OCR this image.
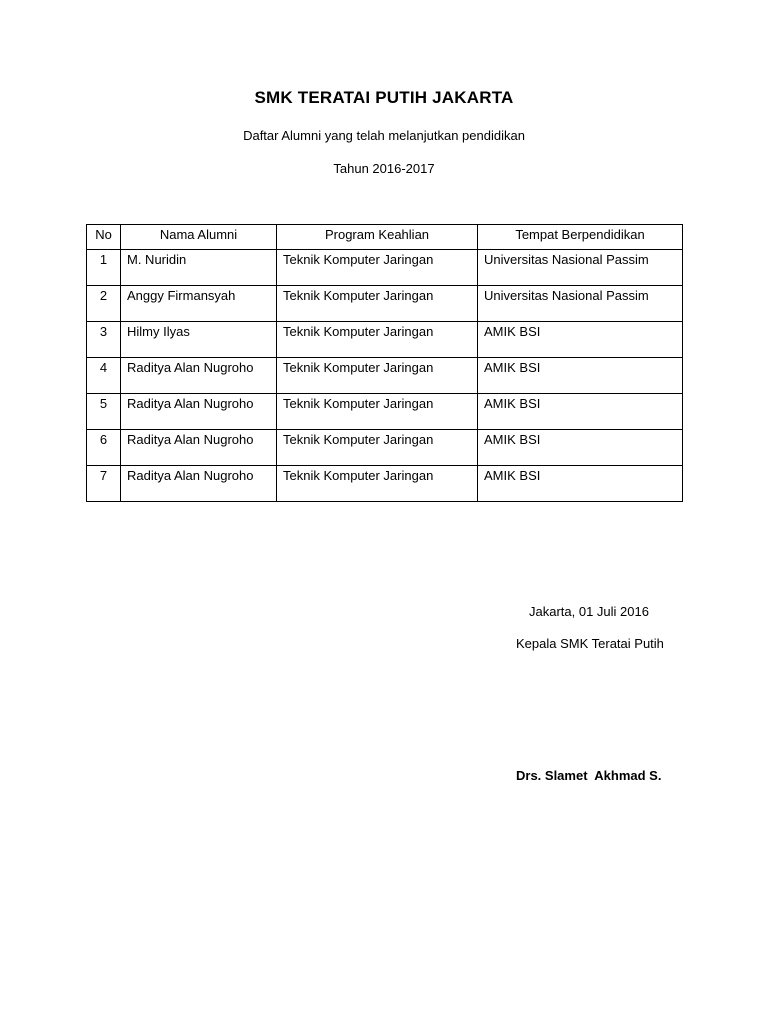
SMK TERATAI PUTIH JAKARTA
Daftar Alumni yang telah melanjutkan pendidikan
Tahun 2016-2017
No	Nama Alumni	Program Keahlian	Tempat Berpendidikan
1	M. Nuridin	Teknik Komputer Jaringan	Universitas Nasional Passim
2	Anggy Firmansyah	Teknik Komputer Jaringan	Universitas Nasional Passim
3	Hilmy Ilyas	Teknik Komputer Jaringan	AMIK BSI
4	Raditya Alan Nugroho	Teknik Komputer Jaringan	AMIK BSI
5	Raditya Alan Nugroho	Teknik Komputer Jaringan	AMIK BSI
6	Raditya Alan Nugroho	Teknik Komputer Jaringan	AMIK BSI
7	Raditya Alan Nugroho	Teknik Komputer Jaringan	AMIK BSI
Jakarta, 01 Juli 2016
Kepala SMK Teratai Putih
Drs. Slamet  Akhmad S.
